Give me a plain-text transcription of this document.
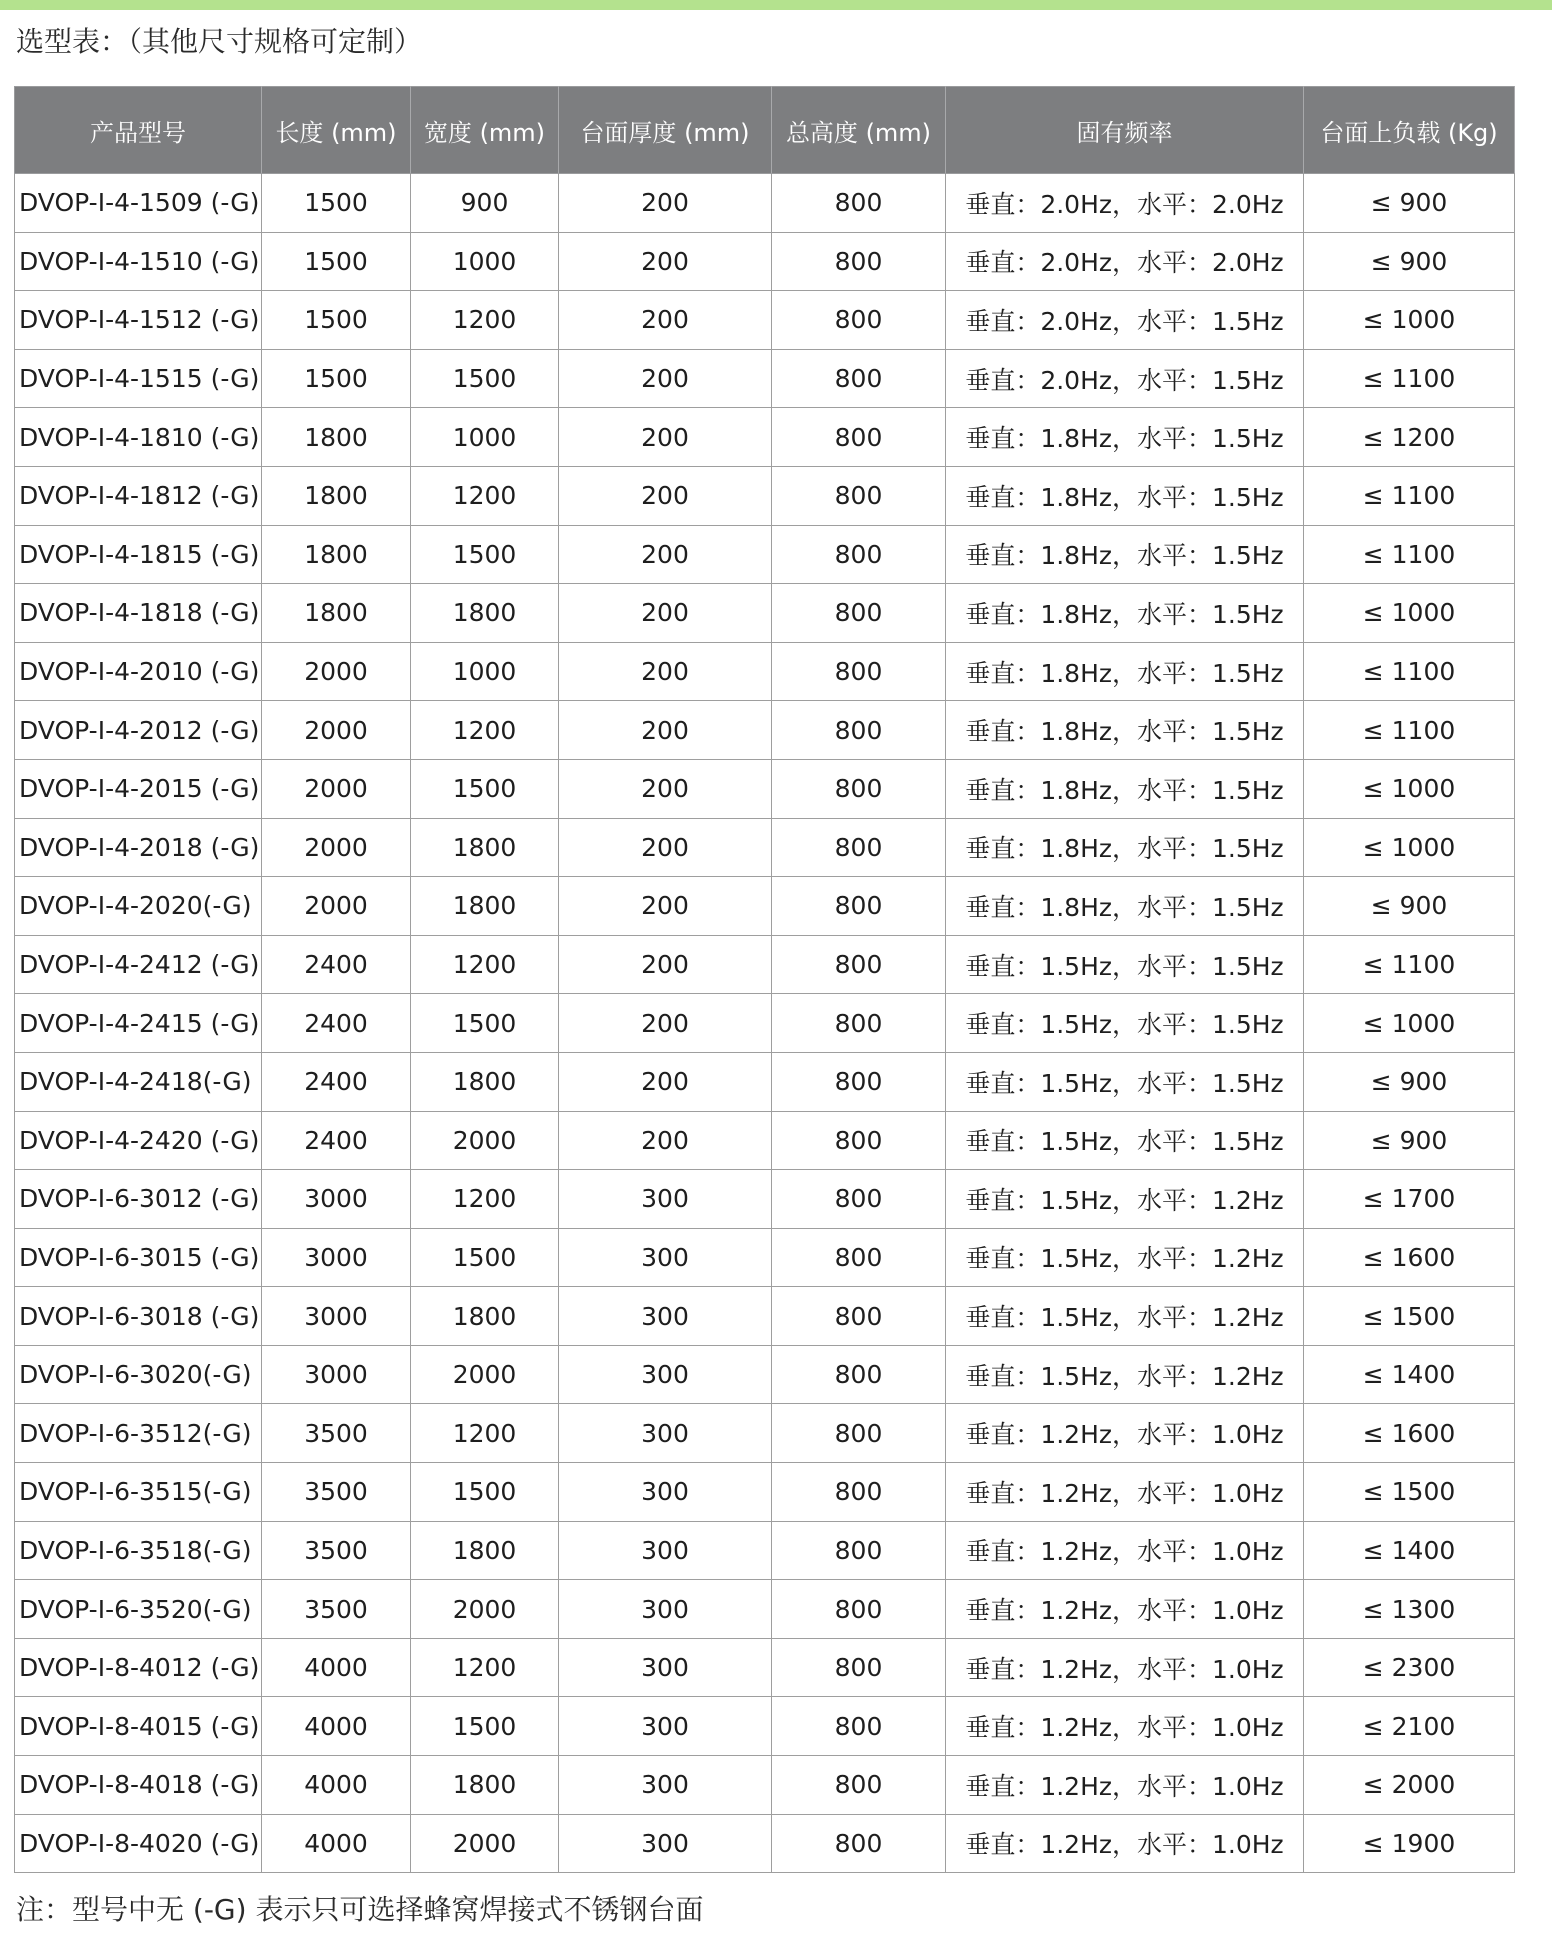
选型表：（其他尺寸规格可定制）
产品型号	长度 (mm)	宽度 (mm)	台面厚度 (mm)	总高度 (mm)	固有频率	台面上负载 (Kg)
DVOP-I-4-1509 (-G)	1500	900	200	800	垂直：2.0Hz，水平：2.0Hz	≤ 900
DVOP-I-4-1510 (-G)	1500	1000	200	800	垂直：2.0Hz，水平：2.0Hz	≤ 900
DVOP-I-4-1512 (-G)	1500	1200	200	800	垂直：2.0Hz，水平：1.5Hz	≤ 1000
DVOP-I-4-1515 (-G)	1500	1500	200	800	垂直：2.0Hz，水平：1.5Hz	≤ 1100
DVOP-I-4-1810 (-G)	1800	1000	200	800	垂直：1.8Hz，水平：1.5Hz	≤ 1200
DVOP-I-4-1812 (-G)	1800	1200	200	800	垂直：1.8Hz，水平：1.5Hz	≤ 1100
DVOP-I-4-1815 (-G)	1800	1500	200	800	垂直：1.8Hz，水平：1.5Hz	≤ 1100
DVOP-I-4-1818 (-G)	1800	1800	200	800	垂直：1.8Hz，水平：1.5Hz	≤ 1000
DVOP-I-4-2010 (-G)	2000	1000	200	800	垂直：1.8Hz，水平：1.5Hz	≤ 1100
DVOP-I-4-2012 (-G)	2000	1200	200	800	垂直：1.8Hz，水平：1.5Hz	≤ 1100
DVOP-I-4-2015 (-G)	2000	1500	200	800	垂直：1.8Hz，水平：1.5Hz	≤ 1000
DVOP-I-4-2018 (-G)	2000	1800	200	800	垂直：1.8Hz，水平：1.5Hz	≤ 1000
DVOP-I-4-2020(-G)	2000	1800	200	800	垂直：1.8Hz，水平：1.5Hz	≤ 900
DVOP-I-4-2412 (-G)	2400	1200	200	800	垂直：1.5Hz，水平：1.5Hz	≤ 1100
DVOP-I-4-2415 (-G)	2400	1500	200	800	垂直：1.5Hz，水平：1.5Hz	≤ 1000
DVOP-I-4-2418(-G)	2400	1800	200	800	垂直：1.5Hz，水平：1.5Hz	≤ 900
DVOP-I-4-2420 (-G)	2400	2000	200	800	垂直：1.5Hz，水平：1.5Hz	≤ 900
DVOP-I-6-3012 (-G)	3000	1200	300	800	垂直：1.5Hz，水平：1.2Hz	≤ 1700
DVOP-I-6-3015 (-G)	3000	1500	300	800	垂直：1.5Hz，水平：1.2Hz	≤ 1600
DVOP-I-6-3018 (-G)	3000	1800	300	800	垂直：1.5Hz，水平：1.2Hz	≤ 1500
DVOP-I-6-3020(-G)	3000	2000	300	800	垂直：1.5Hz，水平：1.2Hz	≤ 1400
DVOP-I-6-3512(-G)	3500	1200	300	800	垂直：1.2Hz，水平：1.0Hz	≤ 1600
DVOP-I-6-3515(-G)	3500	1500	300	800	垂直：1.2Hz，水平：1.0Hz	≤ 1500
DVOP-I-6-3518(-G)	3500	1800	300	800	垂直：1.2Hz，水平：1.0Hz	≤ 1400
DVOP-I-6-3520(-G)	3500	2000	300	800	垂直：1.2Hz，水平：1.0Hz	≤ 1300
DVOP-I-8-4012 (-G)	4000	1200	300	800	垂直：1.2Hz，水平：1.0Hz	≤ 2300
DVOP-I-8-4015 (-G)	4000	1500	300	800	垂直：1.2Hz，水平：1.0Hz	≤ 2100
DVOP-I-8-4018 (-G)	4000	1800	300	800	垂直：1.2Hz，水平：1.0Hz	≤ 2000
DVOP-I-8-4020 (-G)	4000	2000	300	800	垂直：1.2Hz，水平：1.0Hz	≤ 1900
注：型号中无 (-G) 表示只可选择蜂窝焊接式不锈钢台面
